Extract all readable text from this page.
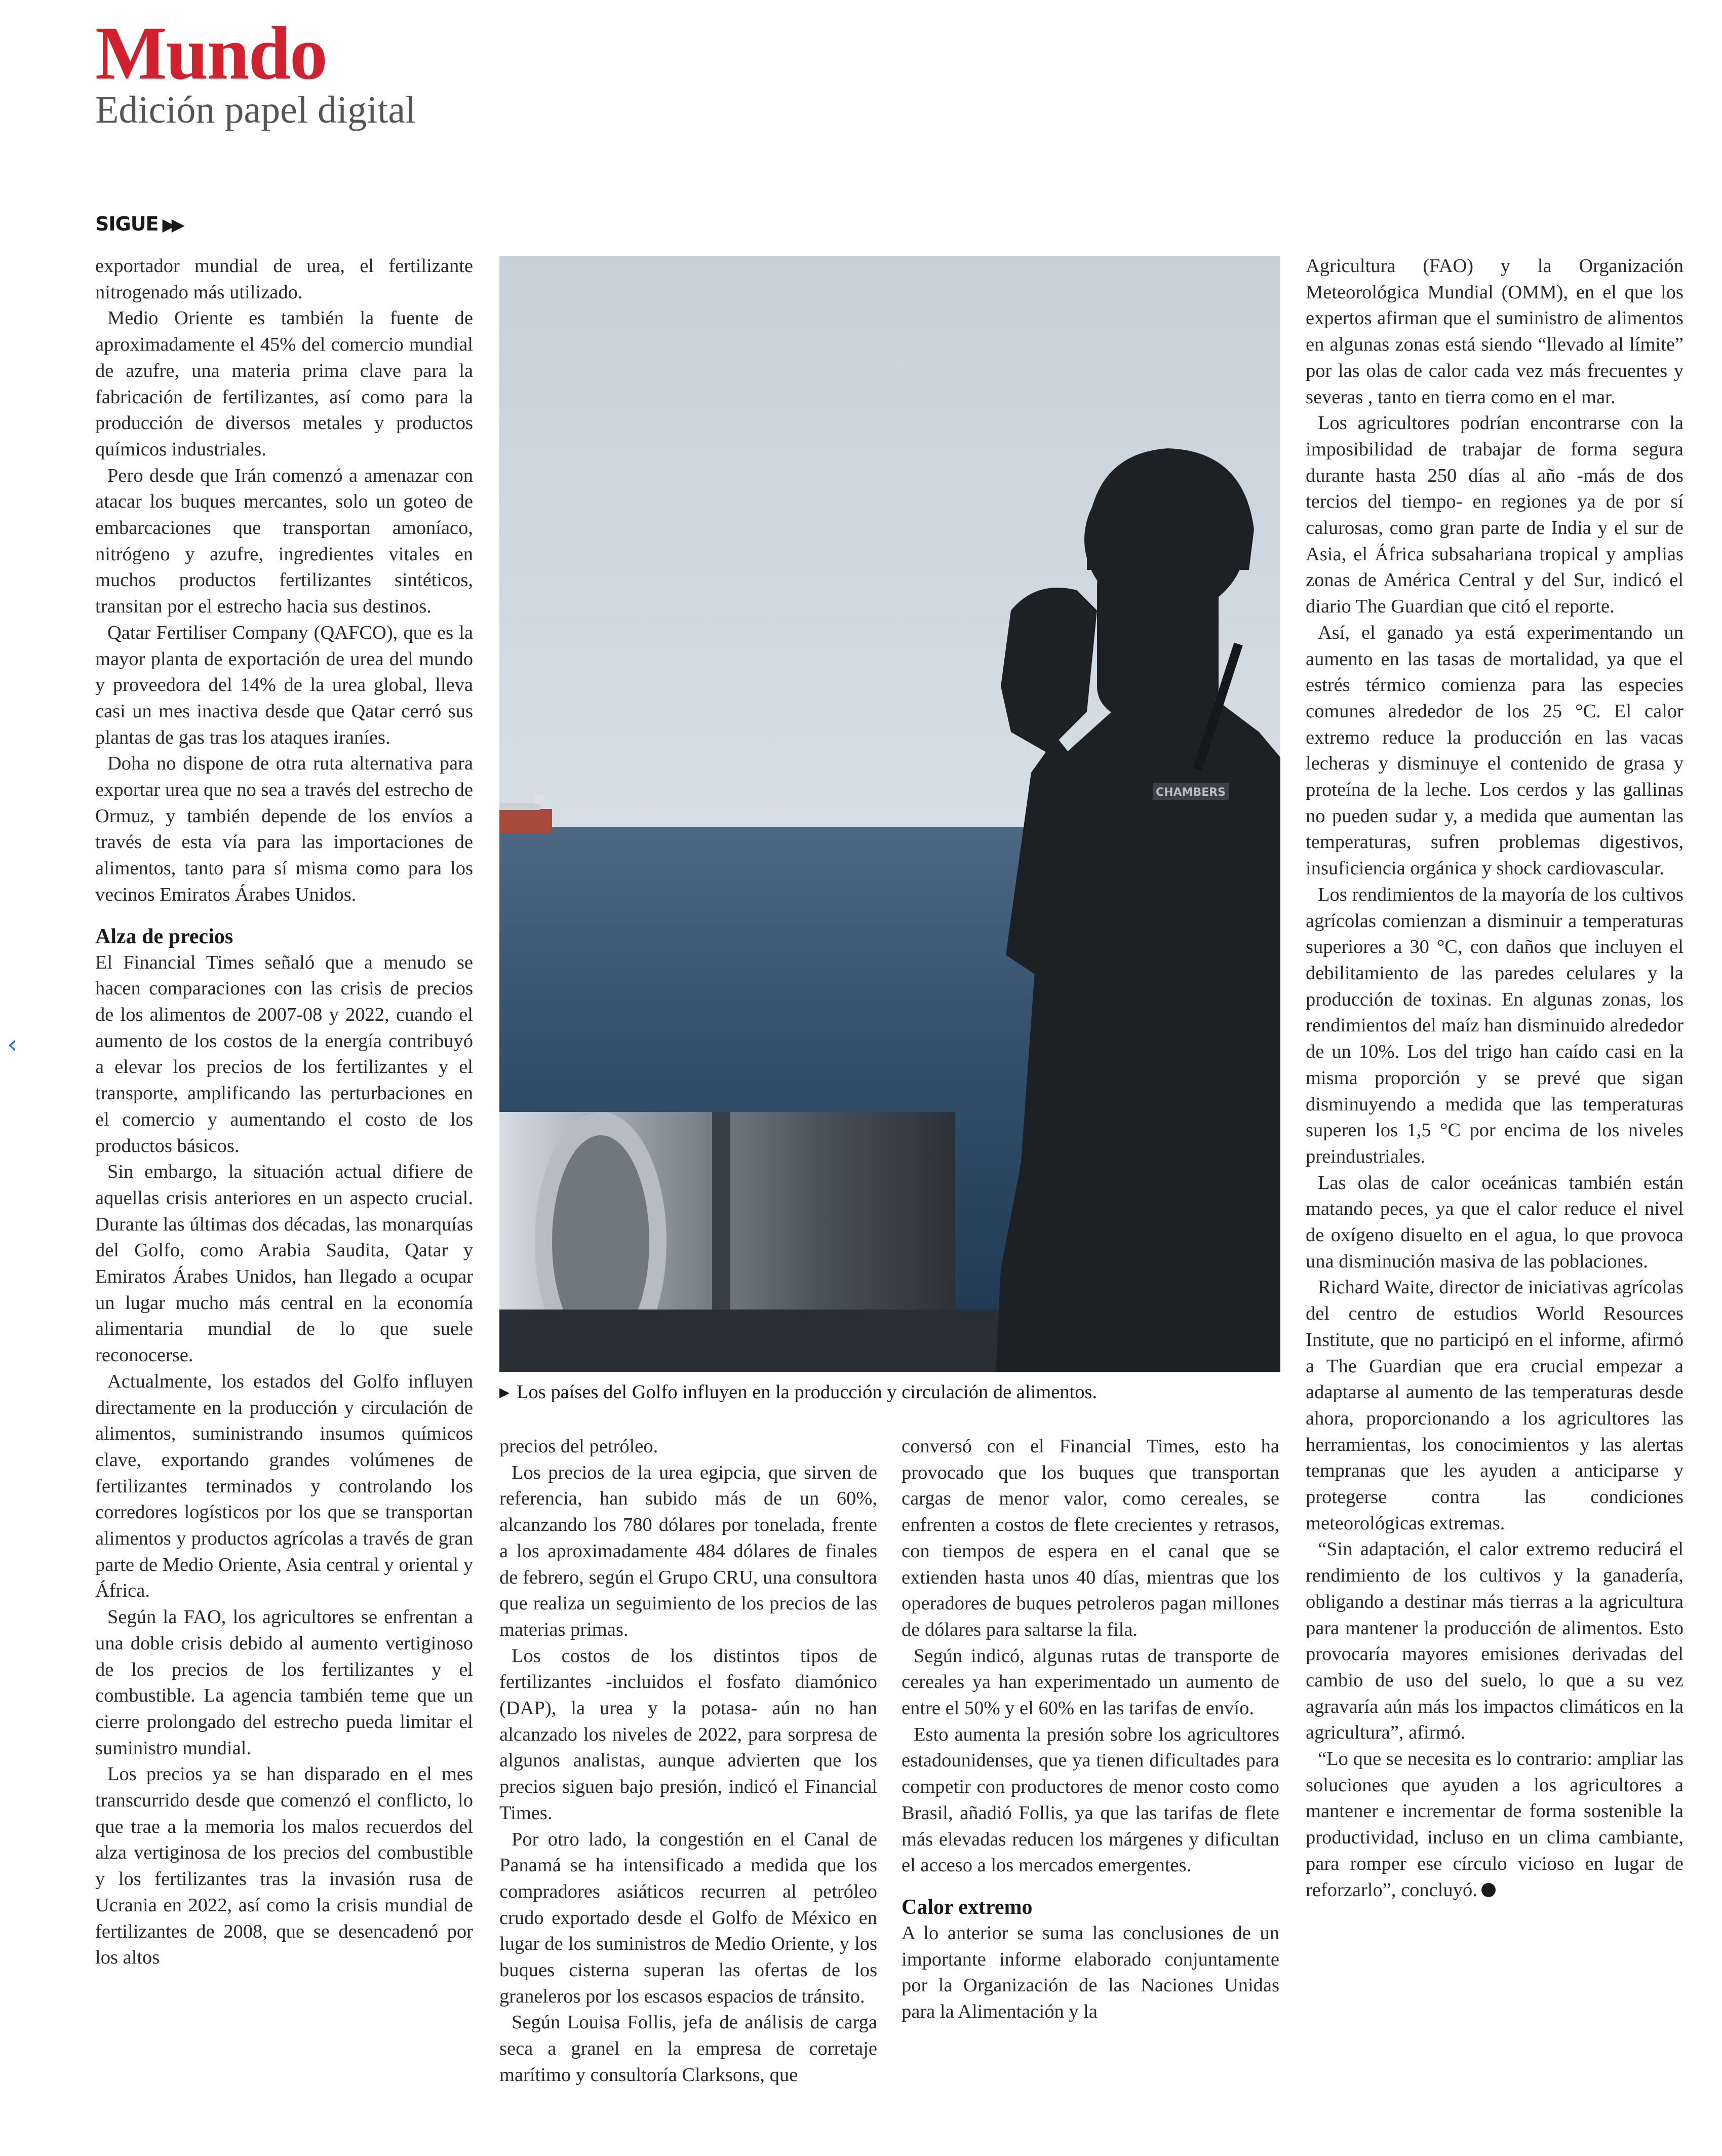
Mundo
Edición papel digital
SIGUE ▶▶
‹

exportador mundial de urea, el fertilizante nitrogenado más utilizado.

Medio Oriente es también la fuente de aproximadamente el 45% del comercio mundial de azufre, una materia prima clave para la fabricación de fertilizantes, así como para la producción de diversos metales y productos químicos industriales.

Pero desde que Irán comenzó a amenazar con atacar los buques mercantes, solo un goteo de embarcaciones que transportan amoníaco, nitrógeno y azufre, ingredientes vitales en muchos productos fertilizantes sintéticos, transitan por el estrecho hacia sus destinos.

Qatar Fertiliser Company (QAFCO), que es la mayor planta de exportación de urea del mundo y proveedora del 14% de la urea global, lleva casi un mes inactiva desde que Qatar cerró sus plantas de gas tras los ataques iraníes.

Doha no dispone de otra ruta alternativa para exportar urea que no sea a través del estrecho de Ormuz, y también depende de los envíos a través de esta vía para las importaciones de alimentos, tanto para sí misma como para los vecinos Emiratos Árabes Unidos.

Alza de precios

El Financial Times señaló que a menudo se hacen comparaciones con las crisis de precios de los alimentos de 2007-08 y 2022, cuando el aumento de los costos de la energía contribuyó a elevar los precios de los fertilizantes y el transporte, amplificando las perturbaciones en el comercio y aumentando el costo de los productos básicos.

Sin embargo, la situación actual difiere de aquellas crisis anteriores en un aspecto crucial. Durante las últimas dos décadas, las monarquías del Golfo, como Arabia Saudita, Qatar y Emiratos Árabes Unidos, han llegado a ocupar un lugar mucho más central en la economía alimentaria mundial de lo que suele reconocerse.

Actualmente, los estados del Golfo influyen directamente en la producción y circulación de alimentos, suministrando insumos químicos clave, exportando grandes volúmenes de fertilizantes terminados y controlando los corredores logísticos por los que se transportan alimentos y productos agrícolas a través de gran parte de Medio Oriente, Asia central y oriental y África.

Según la FAO, los agricultores se enfrentan a una doble crisis debido al aumento vertiginoso de los precios de los fertilizantes y el combustible. La agencia también teme que un cierre prolongado del estrecho pueda limitar el suministro mundial.

Los precios ya se han disparado en el mes transcurrido desde que comenzó el conflicto, lo que trae a la memoria los malos recuerdos del alza vertiginosa de los precios del combustible y los fertilizantes tras la invasión rusa de Ucrania en 2022, así como la crisis mundial de fertilizantes de 2008, que se desencadenó por los altos

CHAMBERS
▶ Los países del Golfo influyen en la producción y circulación de alimentos.

precios del petróleo.

Los precios de la urea egipcia, que sirven de referencia, han subido más de un 60%, alcanzando los 780 dólares por tonelada, frente a los aproximadamente 484 dólares de finales de febrero, según el Grupo CRU, una consultora que realiza un seguimiento de los precios de las materias primas.

Los costos de los distintos tipos de fertilizantes -incluidos el fosfato diamónico (DAP), la urea y la potasa- aún no han alcanzado los niveles de 2022, para sorpresa de algunos analistas, aunque advierten que los precios siguen bajo presión, indicó el Financial Times.

Por otro lado, la congestión en el Canal de Panamá se ha intensificado a medida que los compradores asiáticos recurren al petróleo crudo exportado desde el Golfo de México en lugar de los suministros de Medio Oriente, y los buques cisterna superan las ofertas de los graneleros por los escasos espacios de tránsito.

Según Louisa Follis, jefa de análisis de carga seca a granel en la empresa de corretaje marítimo y consultoría Clarksons, que

conversó con el Financial Times, esto ha provocado que los buques que transportan cargas de menor valor, como cereales, se enfrenten a costos de flete crecientes y retrasos, con tiempos de espera en el canal que se extienden hasta unos 40 días, mientras que los operadores de buques petroleros pagan millones de dólares para saltarse la fila.

Según indicó, algunas rutas de transporte de cereales ya han experimentado un aumento de entre el 50% y el 60% en las tarifas de envío.

Esto aumenta la presión sobre los agricultores estadounidenses, que ya tienen dificultades para competir con productores de menor costo como Brasil, añadió Follis, ya que las tarifas de flete más elevadas reducen los márgenes y dificultan el acceso a los mercados emergentes.

Calor extremo

A lo anterior se suma las conclusiones de un importante informe elaborado conjuntamente por la Organización de las Naciones Unidas para la Alimentación y la

Agricultura (FAO) y la Organización Meteorológica Mundial (OMM), en el que los expertos afirman que el suministro de alimentos en algunas zonas está siendo “llevado al límite” por las olas de calor cada vez más frecuentes y severas , tanto en tierra como en el mar.

Los agricultores podrían encontrarse con la imposibilidad de trabajar de forma segura durante hasta 250 días al año -más de dos tercios del tiempo- en regiones ya de por sí calurosas, como gran parte de India y el sur de Asia, el África subsahariana tropical y amplias zonas de América Central y del Sur, indicó el diario The Guardian que citó el reporte.

Así, el ganado ya está experimentando un aumento en las tasas de mortalidad, ya que el estrés térmico comienza para las especies comunes alrededor de los 25 °C. El calor extremo reduce la producción en las vacas lecheras y disminuye el contenido de grasa y proteína de la leche. Los cerdos y las gallinas no pueden sudar y, a medida que aumentan las temperaturas, sufren problemas digestivos, insuficiencia orgánica y shock cardiovascular.

Los rendimientos de la mayoría de los cultivos agrícolas comienzan a disminuir a temperaturas superiores a 30 °C, con daños que incluyen el debilitamiento de las paredes celulares y la producción de toxinas. En algunas zonas, los rendimientos del maíz han disminuido alrededor de un 10%. Los del trigo han caído casi en la misma proporción y se prevé que sigan disminuyendo a medida que las temperaturas superen los 1,5 °C por encima de los niveles preindustriales.

Las olas de calor oceánicas también están matando peces, ya que el calor reduce el nivel de oxígeno disuelto en el agua, lo que provoca una disminución masiva de las poblaciones.

Richard Waite, director de iniciativas agrícolas del centro de estudios World Resources Institute, que no participó en el informe, afirmó a The Guardian que era crucial empezar a adaptarse al aumento de las temperaturas desde ahora, proporcionando a los agricultores las herramientas, los conocimientos y las alertas tempranas que les ayuden a anticiparse y protegerse contra las condiciones meteorológicas extremas.

“Sin adaptación, el calor extremo reducirá el rendimiento de los cultivos y la ganadería, obligando a destinar más tierras a la agricultura para mantener la producción de alimentos. Esto provocaría mayores emisiones derivadas del cambio de uso del suelo, lo que a su vez agravaría aún más los impactos climáticos en la agricultura”, afirmó.

“Lo que se necesita es lo contrario: ampliar las soluciones que ayuden a los agricultores a mantener e incrementar de forma sostenible la productividad, incluso en un clima cambiante, para romper ese círculo vicioso en lugar de reforzarlo”, concluyó.
